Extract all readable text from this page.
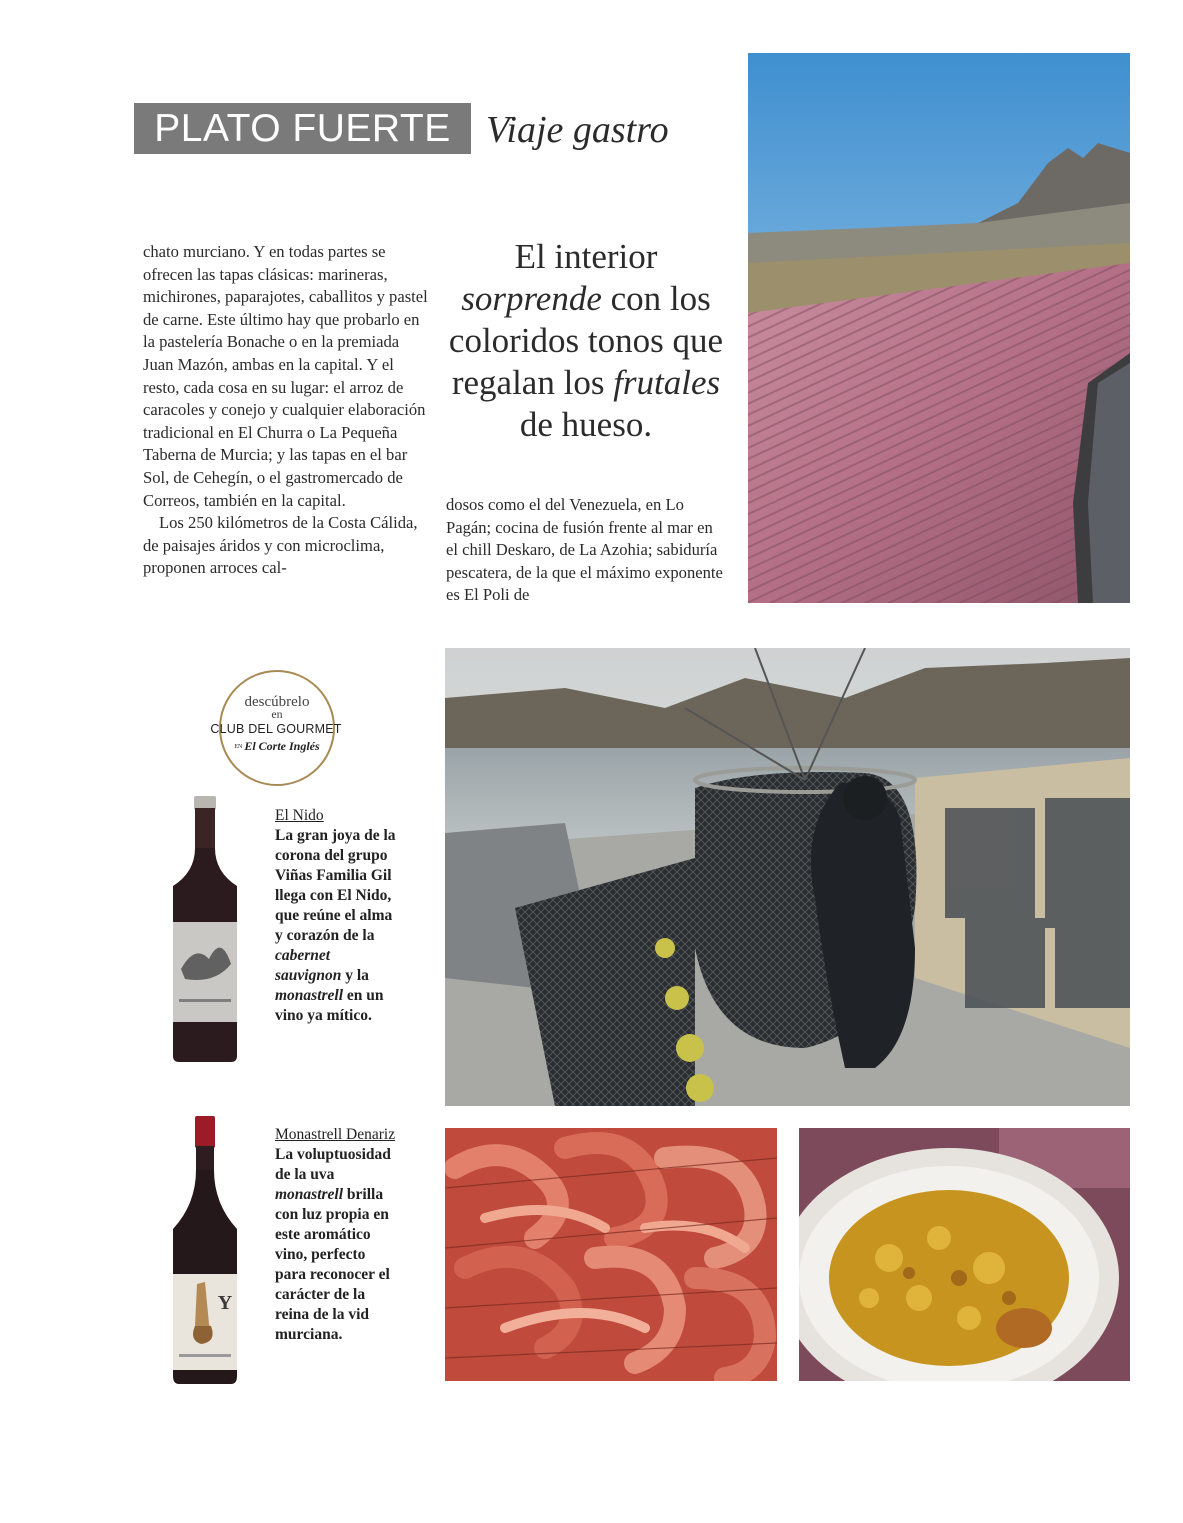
PLATO FUERTE Viaje gastro

chato murciano. Y en todas partes se ofrecen las tapas clásicas: marineras, michirones, paparajotes, caballitos y pastel de carne. Este último hay que probarlo en la pastelería Bonache o en la premiada Juan Mazón, ambas en la capital. Y el resto, cada cosa en su lugar: el arroz de caracoles y conejo y cualquier elaboración tradicional en El Churra o La Pequeña Taberna de Murcia; y las tapas en el bar Sol, de Cehegín, o el gastromercado de Correos, también en la capital.

Los 250 kilómetros de la Costa Cálida, de paisajes áridos y con microclima, proponen arroces cal-

El interior sorprende con los coloridos tonos que regalan los frutales de hueso.

dosos como el del Venezuela, en Lo Pagán; cocina de fusión frente al mar en el chill Deskaro, de La Azohia; sabiduría pescatera, de la que el máximo exponente es El Poli de

descúbrelo
en
CLUB DEL GOURMET
EN El Corte Inglés

El Nido

La gran joya de la corona del grupo Viñas Familia Gil llega con El Nido, que reúne el alma y corazón de la cabernet sauvignon y la monastrell en un vino ya mítico.

Y

Monastrell Denariz

La voluptuosidad de la uva monastrell brilla con luz propia en este aromático vino, perfecto para reconocer el carácter de la reina de la vid murciana.
